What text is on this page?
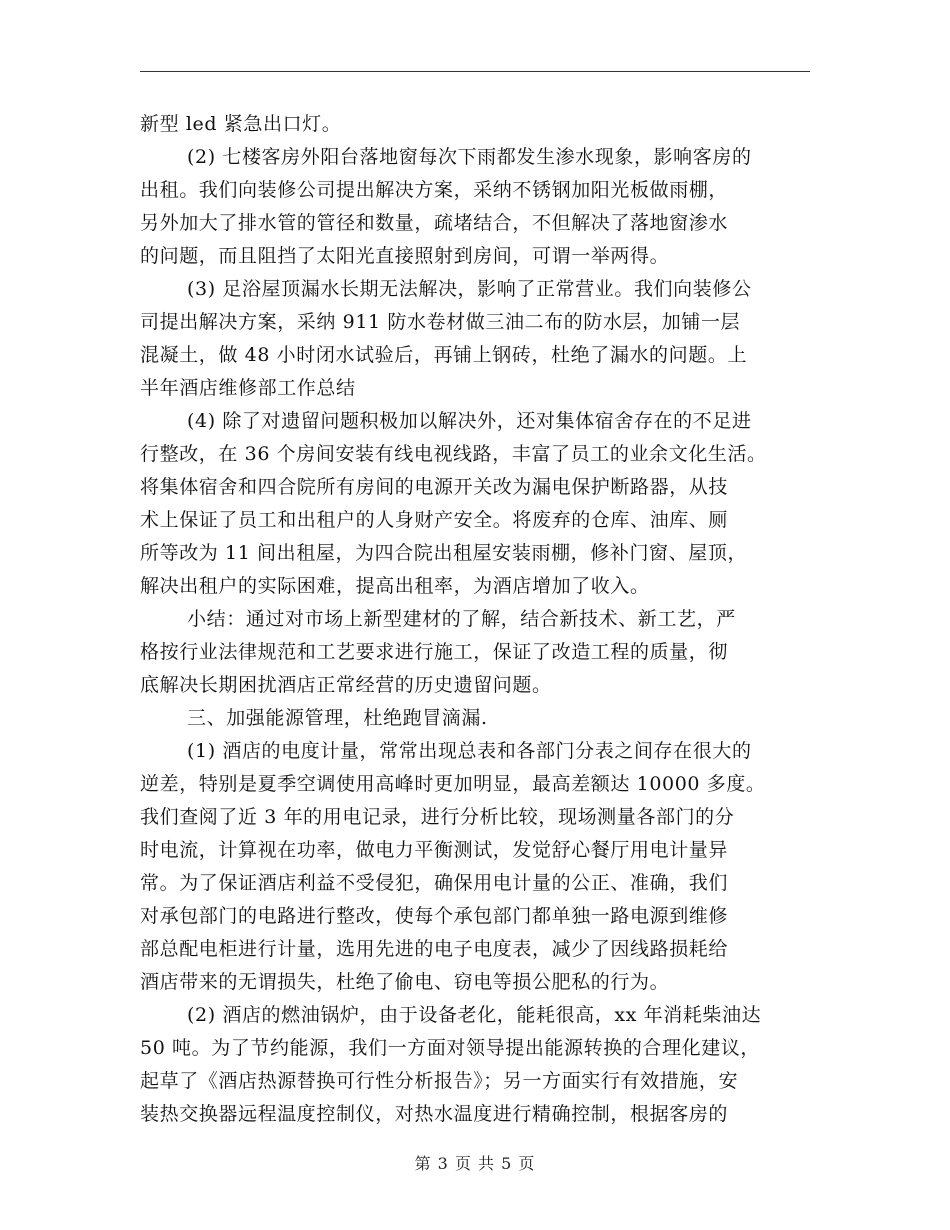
新型 led 紧急出口灯。
(2) 七楼客房外阳台落地窗每次下雨都发生渗水现象，影响客房的
出租。我们向装修公司提出解决方案，采纳不锈钢加阳光板做雨棚，
另外加大了排水管的管径和数量，疏堵结合，不但解决了落地窗渗水
的问题，而且阻挡了太阳光直接照射到房间，可谓一举两得。
(3) 足浴屋顶漏水长期无法解决，影响了正常营业。我们向装修公
司提出解决方案，采纳 911 防水卷材做三油二布的防水层，加铺一层
混凝土，做 48 小时闭水试验后，再铺上钢砖，杜绝了漏水的问题。上
半年酒店维修部工作总结
(4) 除了对遗留问题积极加以解决外，还对集体宿舍存在的不足进
行整改，在 36 个房间安装有线电视线路，丰富了员工的业余文化生活。
将集体宿舍和四合院所有房间的电源开关改为漏电保护断路器，从技
术上保证了员工和出租户的人身财产安全。将废弃的仓库、油库、厕
所等改为 11 间出租屋，为四合院出租屋安装雨棚，修补门窗、屋顶，
解决出租户的实际困难，提高出租率，为酒店增加了收入。
小结：通过对市场上新型建材的了解，结合新技术、新工艺，严
格按行业法律规范和工艺要求进行施工，保证了改造工程的质量，彻
底解决长期困扰酒店正常经营的历史遗留问题。
三、加强能源管理，杜绝跑冒滴漏.
(1) 酒店的电度计量，常常出现总表和各部门分表之间存在很大的
逆差，特别是夏季空调使用高峰时更加明显，最高差额达 10000 多度。
我们查阅了近 3 年的用电记录，进行分析比较，现场测量各部门的分
时电流，计算视在功率，做电力平衡测试，发觉舒心餐厅用电计量异
常。为了保证酒店利益不受侵犯，确保用电计量的公正、准确，我们
对承包部门的电路进行整改，使每个承包部门都单独一路电源到维修
部总配电柜进行计量，选用先进的电子电度表，减少了因线路损耗给
酒店带来的无谓损失，杜绝了偷电、窃电等损公肥私的行为。
(2) 酒店的燃油锅炉，由于设备老化，能耗很高，xx 年消耗柴油达
50 吨。为了节约能源，我们一方面对领导提出能源转换的合理化建议，
起草了《酒店热源替换可行性分析报告》；另一方面实行有效措施，安
装热交换器远程温度控制仪，对热水温度进行精确控制，根据客房的
第 3 页 共 5 页
